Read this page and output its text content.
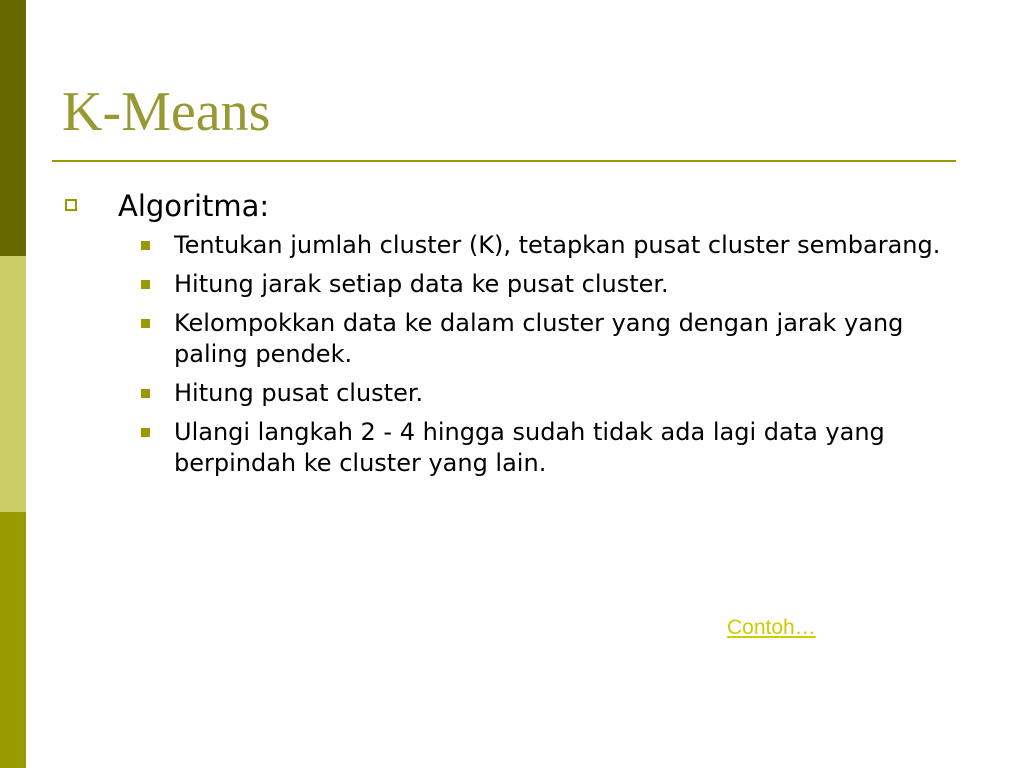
K-Means
Algoritma:
Tentukan jumlah cluster (K), tetapkan pusat cluster sembarang.
Hitung jarak setiap data ke pusat cluster.
Kelompokkan data ke dalam cluster yang dengan jarak yang paling pendek.
Hitung pusat cluster.
Ulangi langkah 2 - 4 hingga sudah tidak ada lagi data yang berpindah ke cluster yang lain.
Contoh…
